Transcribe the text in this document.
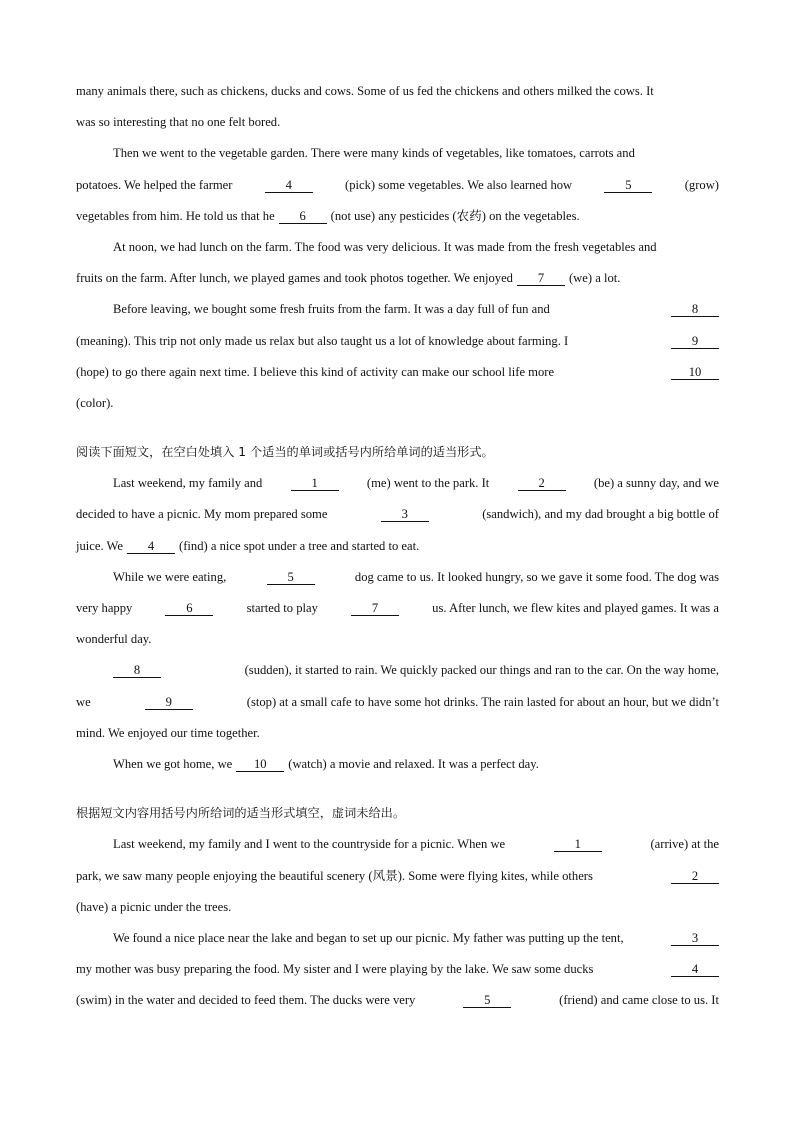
many animals there, such as chickens, ducks and cows. Some of us fed the chickens and others milked the cows. It
was so interesting that no one felt bored.
Then we went to the vegetable garden. There were many kinds of vegetables, like tomatoes, carrots and
potatoes. We helped the farmer	4	(pick) some vegetables. We also learned how	5	(grow)
vegetables from him. He told us that he	6	(not use) any pesticides (农药) on the vegetables.
At noon, we had lunch on the farm. The food was very delicious. It was made from the fresh vegetables and
fruits on the farm. After lunch, we played games and took photos together. We enjoyed	7	(we) a lot.
Before leaving, we bought some fresh fruits from the farm. It was a day full of fun and	8
(meaning). This trip not only made us relax but also taught us a lot of knowledge about farming. I	9
(hope) to go there again next time. I believe this kind of activity can make our school life more	10
(color).
阅读下面短文，在空白处填入 1 个适当的单词或括号内所给单词的适当形式。
Last weekend, my family and	1	(me) went to the park. It	2	(be) a sunny day, and we
decided to have a picnic. My mom prepared some	3	(sandwich), and my dad brought a big bottle of
juice. We	4	(find) a nice spot under a tree and started to eat.
While we were eating,	5	dog came to us. It looked hungry, so we gave it some food. The dog was
very happy	6	started to play	7	us. After lunch, we flew kites and played games. It was a
wonderful day.
8	(sudden), it started to rain. We quickly packed our things and ran to the car. On the way home,
we	9	(stop) at a small cafe to have some hot drinks. The rain lasted for about an hour, but we didn’t
mind. We enjoyed our time together.
When we got home, we	10	(watch) a movie and relaxed. It was a perfect day.
根据短文内容用括号内所给词的适当形式填空，虚词未给出。
Last weekend, my family and I went to the countryside for a picnic. When we	1	(arrive) at the
park, we saw many people enjoying the beautiful scenery (风景). Some were flying kites, while others	2
(have) a picnic under the trees.
We found a nice place near the lake and began to set up our picnic. My father was putting up the tent,	3
my mother was busy preparing the food. My sister and I were playing by the lake. We saw some ducks	4
(swim) in the water and decided to feed them. The ducks were very	5	(friend) and came close to us. It
